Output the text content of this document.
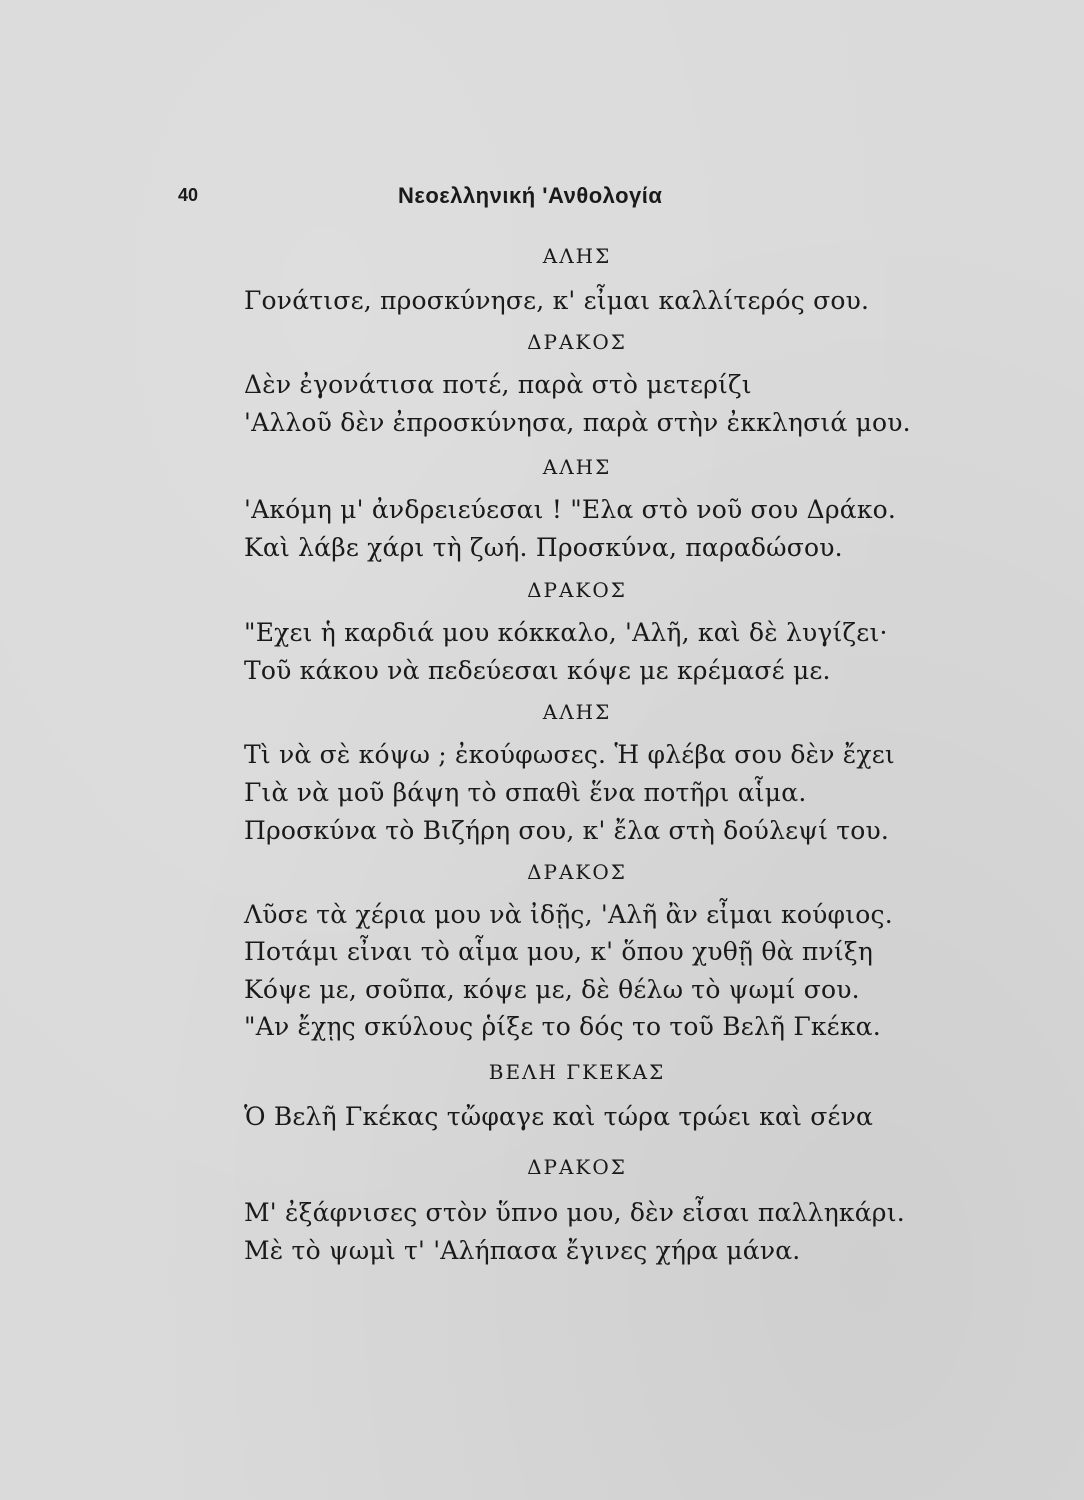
40	Νεοελληνική 'Ανθολογία
ΑΛΗΣ
Γονάτισε, προσκύνησε, κ' εἶμαι καλλίτερός σου.
ΔΡΑΚΟΣ
Δὲν ἐγονάτισα ποτέ, παρὰ στὸ μετερίζι
'Αλλοῦ δὲν ἐπροσκύνησα, παρὰ στὴν ἐκκλησιά μου.
ΑΛΗΣ
'Ακόμη μ' ἀνδρειεύεσαι ! "Ελα στὸ νοῦ σου Δράκο.
Καὶ λάβε χάρι τὴ ζωή. Προσκύνα, παραδώσου.
ΔΡΑΚΟΣ
"Εχει ἡ καρδιά μου κόκκαλο, 'Αλῆ, καὶ δὲ λυγίζει·
Τοῦ κάκου νὰ πεδεύεσαι κόψε με κρέμασέ με.
ΑΛΗΣ
Τὶ νὰ σὲ κόψω ; ἐκούφωσες. Ἡ φλέβα σου δὲν ἔχει
Γιὰ νὰ μοῦ βάψη τὸ σπαθὶ ἕνα ποτῆρι αἷμα.
Προσκύνα τὸ Βιζήρη σου, κ' ἔλα στὴ δούλεψί του.
ΔΡΑΚΟΣ
Λῦσε τὰ χέρια μου νὰ ἰδῇς, 'Αλῆ ἂν εἶμαι κούφιος.
Ποτάμι εἶναι τὸ αἷμα μου, κ' ὅπου χυθῇ θὰ πνίξη
Κόψε με, σοῦπα, κόψε με, δὲ θέλω τὸ ψωμί σου.
"Αν ἔχῃς σκύλους ῥίξε το δός το τοῦ Βελῆ Γκέκα.
ΒΕΛΗ ΓΚΕΚΑΣ
Ὁ Βελῆ Γκέκας τὤφαγε καὶ τώρα τρώει καὶ σένα
ΔΡΑΚΟΣ
Μ' ἐξάφνισες στὸν ὕπνο μου, δὲν εἶσαι παλληκάρι.
Μὲ τὸ ψωμὶ τ' 'Αλήπασα ἔγινες χήρα μάνα.
